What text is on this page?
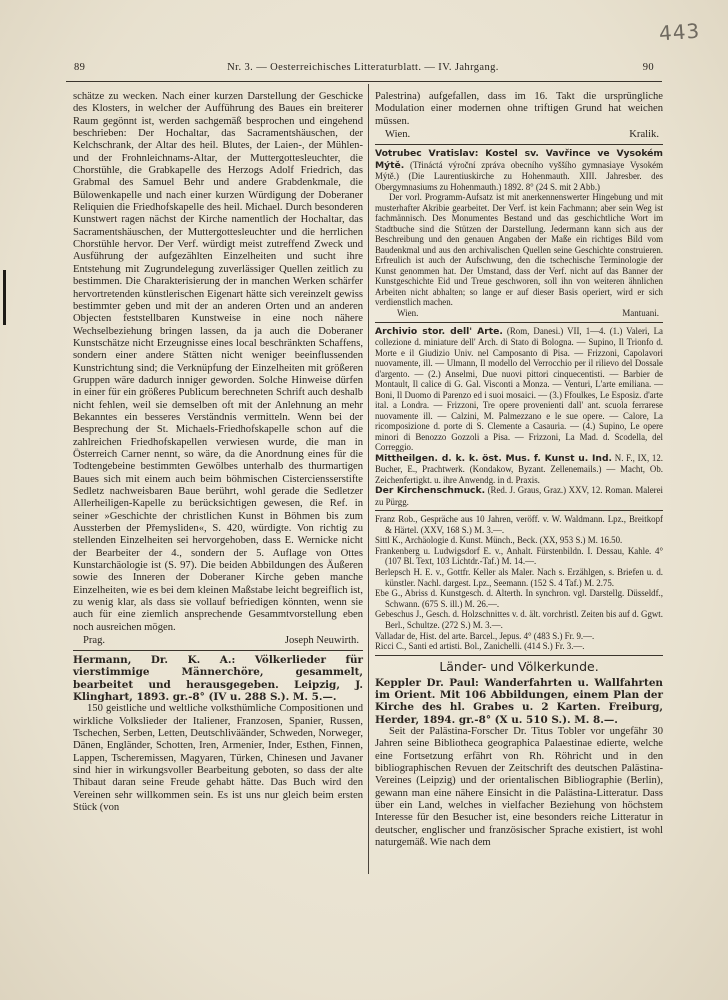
443
89	Nr. 3. — Oesterreichisches Litteraturblatt. — IV. Jahrgang.	90

schätze zu wecken. Nach einer kurzen Darstellung der Geschicke des Klosters, in welcher der Aufführung des Baues ein breiterer Raum gegönnt ist, werden sachgemäß besprochen und eingehend beschrieben: Der Hochaltar, das Sacramentshäuschen, der Kelchschrank, der Altar des heil. Blutes, der Laien-, der Mühlen- und der Frohnleichnams-Altar, der Muttergottesleuchter, die Chorstühle, die Grabkapelle des Herzogs Adolf Friedrich, das Grabmal des Samuel Behr und andere Grabdenkmale, die Bülowenkapelle und nach einer kurzen Würdigung der Doberaner Reliquien die Friedhofskapelle des heil. Michael. Durch besonderen Kunstwert ragen nächst der Kirche namentlich der Hochaltar, das Sacramentshäuschen, der Muttergottesleuchter und die herrlichen Chorstühle hervor. Der Verf. würdigt meist zutreffend Zweck und Ausführung der aufgezählten Einzelheiten und sucht ihre Entstehung mit Zugrundelegung zuverlässiger Quellen zeitlich zu bestimmen. Die Charakterisierung der in manchen Werken schärfer hervortretenden künstlerischen Eigenart hätte sich vereinzelt gewiss bestimmter geben und mit der an anderen Orten und an anderen Objecten feststellbaren Kunstweise in eine noch nähere Wechselbeziehung bringen lassen, da ja auch die Doberaner Kunstschätze nicht Erzeugnisse eines local beschränkten Schaffens, sondern einer andere Stätten nicht weniger beeinflussenden Kunstrichtung sind; die Verknüpfung der Einzelheiten mit größeren Gruppen wäre dadurch inniger geworden. Solche Hinweise dürfen in einer für ein größeres Publicum berechneten Schrift auch deshalb nicht fehlen, weil sie demselben oft mit der Anlehnung an mehr Bekanntes ein besseres Verständnis vermitteln. Wenn bei der Besprechung der St. Michaels-Friedhofskapelle schon auf die zahlreichen Friedhofskapellen verwiesen wurde, die man in Österreich Carner nennt, so wäre, da die Anordnung eines für die Todtengebeine bestimmten Gewölbes unterhalb des thurmartigen Baues sich mit einem auch beim böhmischen Cisterciensserstifte Sedletz nachweisbaren Baue berührt, wohl gerade die Sedletzer Allerheiligen-Kapelle zu berücksichtigen gewesen, die Ref. in seiner »Geschichte der christlichen Kunst in Böhmen bis zum Aussterben der Přemysliden«, S. 420, würdigte. Von richtig zu stellenden Einzelheiten sei hervorgehoben, dass E. Wernicke nicht der Bearbeiter der 4., sondern der 5. Auflage von Ottes Kunstarchäologie ist (S. 97). Die beiden Abbildungen des Äußeren sowie des Inneren der Doberaner Kirche geben manche Einzelheiten, wie es bei dem kleinen Maßstabe leicht begreiflich ist, zu wenig klar, als dass sie vollauf befriedigen könnten, wenn sie auch für eine ziemlich ansprechende Gesammtvorstellung eben noch ausreichen mögen.

Prag.	Joseph Neuwirth.

Hermann, Dr. K. A.: Völkerlieder für vierstimmige Männerchöre, gesammelt, bearbeitet und herausgegeben. Leipzig, J. Klinghart, 1893. gr.-8° (IV u. 288 S.). M. 5.—.

150 geistliche und weltliche volksthümliche Compositionen und wirkliche Volkslieder der Italiener, Franzosen, Spanier, Russen, Tschechen, Serben, Letten, Deutschliväänder, Schweden, Norweger, Dänen, Engländer, Schotten, Iren, Armenier, Inder, Esthen, Finnen, Lappen, Tscheremissen, Magyaren, Türken, Chinesen und Javaner sind hier in wirkungsvoller Bearbeitung geboten, so dass der alte Thibaut daran seine Freude gehabt hätte. Das Buch wird den Vereinen sehr willkommen sein. Es ist uns nur gleich beim ersten Stück (von

Palestrina) aufgefallen, dass im 16. Takt die ursprüngliche Modulation einer modernen ohne triftigen Grund hat weichen müssen.

Wien.	Kralik.

Votrubec Vratislav: Kostel sv. Vavřince ve Vysokém Mýtě. (Třináctá výroční zpráva obecního vyššího gymnasiaye Vysokém Mýtě.) (Die Laurentiuskirche zu Hohenmauth. XIII. Jahresber. des Obergymnasiums zu Hohenmauth.) 1892. 8° (24 S. mit 2 Abb.)

Der vorl. Programm-Aufsatz ist mit anerkennenswerter Hingebung und mit musterhafter Akribie gearbeitet. Der Verf. ist kein Fachmann; aber sein Weg ist fachmännisch. Des Monumentes Bestand und das geschichtliche Wort im Stadtbuche sind die Stützen der Darstellung. Jedermann kann sich aus der Beschreibung und den genauen Angaben der Maße ein richtiges Bild vom Baudenkmal und aus den archivalischen Quellen seine Geschichte construieren. Erfreulich ist auch der Aufschwung, den die tschechische Terminologie der Kunst genommen hat. Der Umstand, dass der Verf. nicht auf das Banner der Kunstgeschichte Eid und Treue geschworen, soll ihn von weiteren ähnlichen Arbeiten nicht abhalten; so lange er auf dieser Basis operiert, wird er sich verdienstlich machen.

Wien.	Mantuani.

Archivio stor. dell' Arte. (Rom, Danesi.) VII, 1—4. (1.) Valeri, La collezione d. miniature dell' Arch. di Stato di Bologna. — Supino, Il Trionfo d. Morte e il Giudizio Univ. nel Camposanto di Pisa. — Frizzoni, Capolavori nuovamente, ill. — Ulmann, Il modello del Verrocchio per il rilievo del Dossale d'argento. — (2.) Anselmi, Due nuovi pittori cinquecentisti. — Barbier de Montault, Il calice di G. Gal. Visconti a Monza. — Venturi, L'arte emiliana. — Boni, Il Duomo di Parenzo ed i suoi mosaici. — (3.) Ffoulkes, Le Esposiz. d'arte ital. a Londra. — Frizzoni, Tre opere provenienti dall' ant. scuola ferrarese nuovamente ill. — Calzini, M. Palmezzano e le sue opere. — Calore, La ricomposizione d. porte di S. Clemente a Casauria. — (4.) Supino, Le opere minori di Benozzo Gozzoli a Pisa. — Frizzoni, La Mad. d. Scodella, del Correggio.

Mittheilgen. d. k. k. öst. Mus. f. Kunst u. Ind. N. F., IX, 12. Bucher, E., Prachtwerk. (Kondakow, Byzant. Zellenemails.) — Macht, Ob. Zeichenfertigkt. u. ihre Anwendg. in d. Praxis.

Der Kirchenschmuck. (Red. J. Graus, Graz.) XXV, 12. Roman. Malerei zu Pürgg.

Franz Rob., Gespräche aus 10 Jahren, veröff. v. W. Waldmann. Lpz., Breitkopf & Härtel. (XXV, 168 S.) M. 3.—.

Sittl K., Archäologie d. Kunst. Münch., Beck. (XX, 953 S.) M. 16.50.

Frankenberg u. Ludwigsdorf E. v., Anhalt. Fürstenbildn. I. Dessau, Kahle. 4° (107 Bl. Text, 103 Lichtdr.-Taf.) M. 14.—.

Berlepsch H. E. v., Gottfr. Keller als Maler. Nach s. Erzählgen, s. Briefen u. d. künstler. Nachl. dargest. Lpz., Seemann. (152 S. 4 Taf.) M. 2.75.

Ebe G., Abriss d. Kunstgesch. d. Alterth. In synchron. vgl. Darstellg. Düsseldf., Schwann. (675 S. ill.) M. 26.—.

Gebeschus J., Gesch. d. Holzschnittes v. d. ält. vorchristl. Zeiten bis auf d. Ggwt. Berl., Schultze. (272 S.) M. 3.—.

Valladar de, Hist. del arte. Barcel., Jepus. 4° (483 S.) Fr. 9.—.

Ricci C., Santi ed artisti. Bol., Zanichelli. (414 S.) Fr. 3.—.

Länder- und Völkerkunde.

Keppler Dr. Paul: Wanderfahrten u. Wallfahrten im Orient. Mit 106 Abbildungen, einem Plan der Kirche des hl. Grabes u. 2 Karten. Freiburg, Herder, 1894. gr.-8° (X u. 510 S.). M. 8.—.

Seit der Palästina-Forscher Dr. Titus Tobler vor ungefähr 30 Jahren seine Bibliotheca geographica Palaestinae edierte, welche eine Fortsetzung erfährt von Rh. Röhricht und in den bibliographischen Revuen der Zeitschrift des deutschen Palästina-Vereines (Leipzig) und der orientalischen Bibliographie (Berlin), gewann man eine nähere Einsicht in die Palästina-Litteratur. Dass über ein Land, welches in vielfacher Beziehung von höchstem Interesse für den Besucher ist, eine besonders reiche Litteratur in deutscher, englischer und französischer Sprache existiert, ist wohl naturgemäß. Wie nach dem
